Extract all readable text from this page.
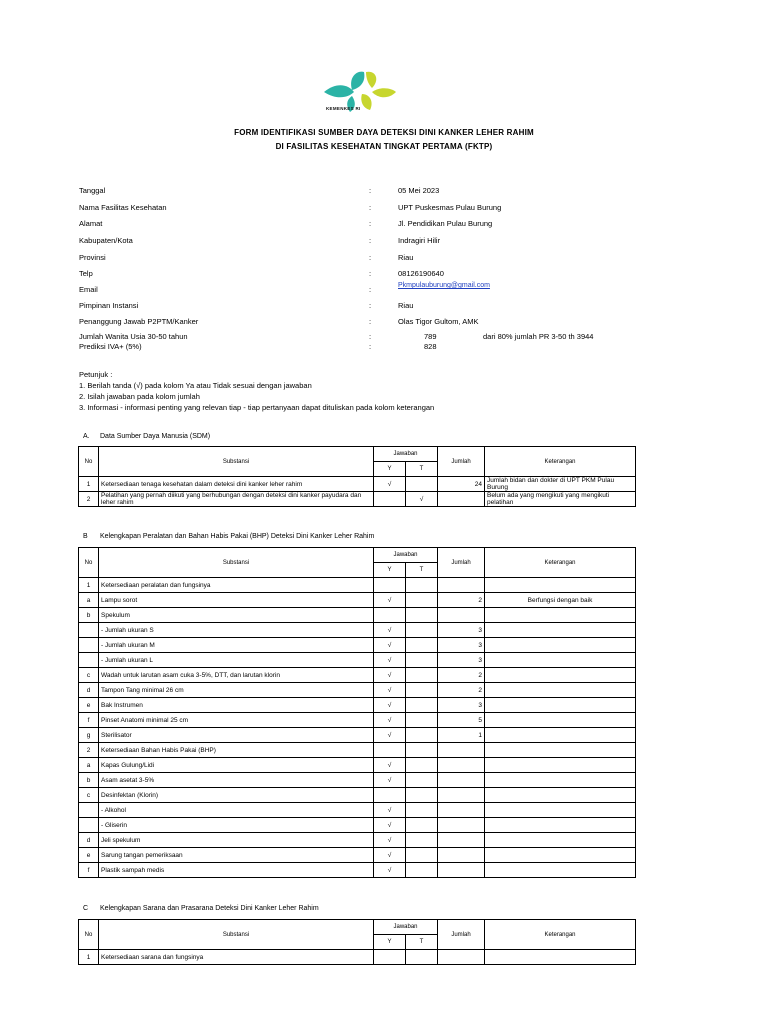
KEMENKES RI
FORM IDENTIFIKASI SUMBER DAYA DETEKSI DINI KANKER LEHER RAHIM
DI FASILITAS KESEHATAN TINGKAT PERTAMA (FKTP)
Tanggal	:	05 Mei 2023
Nama Fasilitas Kesehatan	:	UPT Puskesmas Pulau Burung
Alamat	:	Jl. Pendidikan Pulau Burung
Kabupaten/Kota	:	Indragiri Hilir
Provinsi	:	Riau
Telp	:	08126190640
Email	:	Pkmpulauburung@gmail.com
Pimpinan Instansi	:	Riau
Penanggung Jawab P2PTM/Kanker	:	Olas Tigor Gultom, AMK
Jumlah Wanita Usia 30-50 tahun	:	789	dari 80% jumlah PR 3-50 th 3944
Prediksi IVA+ (5%)	:	828
Petunjuk :
1. Berilah tanda (√) pada kolom Ya atau Tidak sesuai dengan jawaban
2. Isilah jawaban pada kolom jumlah
3. Informasi - informasi penting yang relevan tiap - tiap pertanyaan dapat dituliskan pada kolom keterangan
A. Data Sumber Daya Manusia (SDM)
No	Substansi	Jawaban		Jumlah	Keterangan
		Y	T		
1	Ketersediaan tenaga kesehatan dalam deteksi dini kanker leher rahim	√		24	Jumlah bidan dan dokter di UPT PKM Pulau Burung
2	Pelatihan yang pernah diikuti yang berhubungan dengan deteksi dini kanker payudara dan leher rahim		√		Belum ada yang mengikuti yang mengikuti pelatihan
B Kelengkapan Peralatan dan Bahan Habis Pakai (BHP) Deteksi Dini Kanker Leher Rahim
No	Substansi	Jawaban		Jumlah	Keterangan
		Y	T		
1	Ketersediaan peralatan dan fungsinya				
a	Lampu sorot	√		2	Berfungsi dengan baik
b	Spekulum				
	- Jumlah ukuran S	√		3	
	- Jumlah ukuran M	√		3	
	- Jumlah ukuran L	√		3	
c	Wadah untuk larutan asam cuka 3-5%, DTT, dan larutan klorin	√		2	
d	Tampon Tang minimal 26 cm	√		2	
e	Bak Instrumen	√		3	
f	Pinset Anatomi minimal 25 cm	√		5	
g	Sterilisator	√		1	
2	Ketersediaan Bahan Habis Pakai (BHP)				
a	Kapas Gulung/Lidi	√			
b	Asam asetat 3-5%	√			
c	Desinfektan (Klorin)				
	- Alkohol	√			
	- Gliserin	√			
d	Jeli spekulum	√			
e	Sarung tangan pemeriksaan	√			
f	Plastik sampah medis	√			
C Kelengkapan Sarana dan Prasarana Deteksi Dini Kanker Leher Rahim
No	Substansi	Jawaban		Jumlah	Keterangan
		Y	T		
1	Ketersediaan sarana dan fungsinya				
